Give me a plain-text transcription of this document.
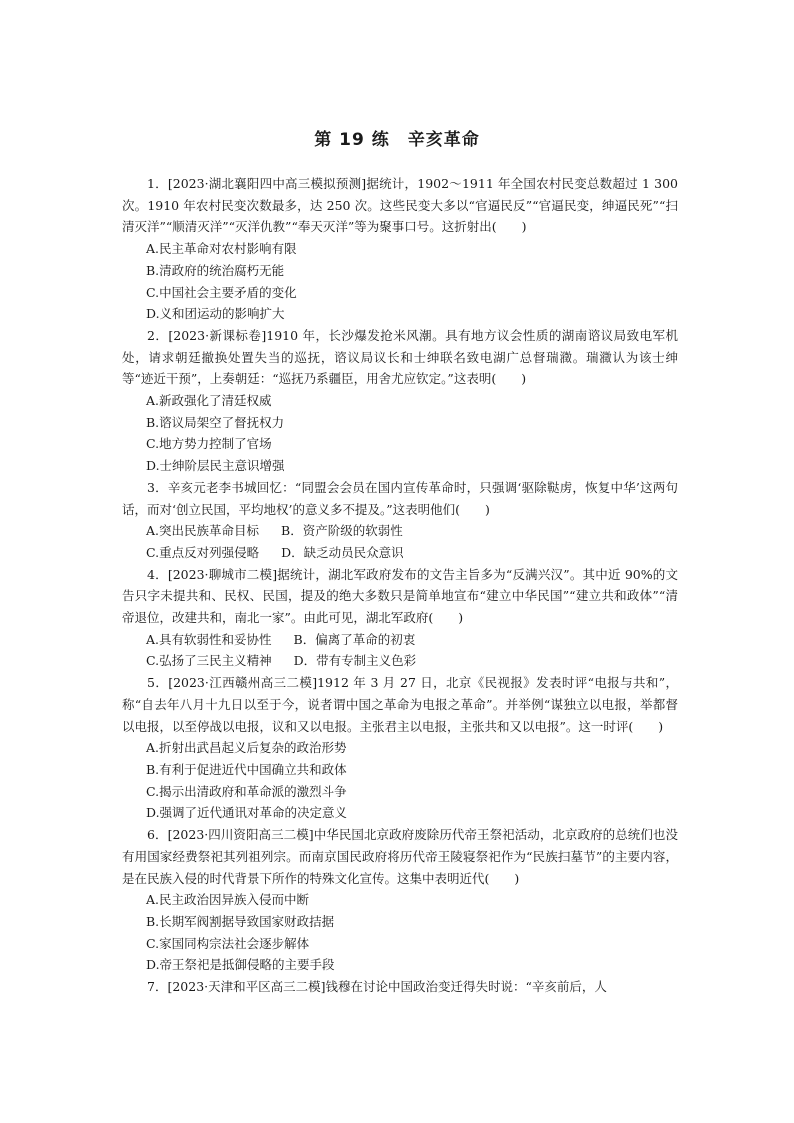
第 19 练　辛亥革命

1．[2023·湖北襄阳四中高三模拟预测]据统计，1902～1911 年全国农村民变总数超过 1 300 次。1910 年农村民变次数最多，达 250 次。这些民变大多以“官逼民反”“官逼民变，绅逼民死”“扫清灭洋”“顺清灭洋”“灭洋仇教”“奉天灭洋”等为聚事口号。这折射出(　　)

A.民主革命对农村影响有限

B.清政府的统治腐朽无能

C.中国社会主要矛盾的变化

D.义和团运动的影响扩大

2．[2023·新课标卷]1910 年，长沙爆发抢米风潮。具有地方议会性质的湖南谘议局致电军机处，请求朝廷撤换处置失当的巡抚，谘议局议长和士绅联名致电湖广总督瑞瀓。瑞瀓认为该士绅等“迹近干预”，上奏朝廷：“巡抚乃系疆臣，用舍尤应钦定。”这表明(　　)

A.新政强化了清廷权威

B.谘议局架空了督抚权力

C.地方势力控制了官场

D.士绅阶层民主意识增强

3．辛亥元老李书城回忆：“同盟会会员在国内宣传革命时，只强调‘驱除鞑虏，恢复中华’这两句话，而对‘创立民国，平均地权’的意义多不提及。”这表明他们(　　)

A.突出民族革命目标 B．资产阶级的软弱性

C.重点反对列强侵略 D．缺乏动员民众意识

4．[2023·聊城市二模]据统计，湖北军政府发布的文告主旨多为“反满兴汉”。其中近 90%的文告只字未提共和、民权、民国，提及的绝大多数只是简单地宣布“建立中华民国”“建立共和政体”“清帝退位，改建共和，南北一家”。由此可见，湖北军政府(　　)

A.具有软弱性和妥协性 B．偏离了革命的初衷

C.弘扬了三民主义精神 D．带有专制主义色彩

5．[2023·江西赣州高三二模]1912 年 3 月 27 日，北京《民视报》发表时评“电报与共和”，称“自去年八月十九日以至于今，说者谓中国之革命为电报之革命”。并举例“谋独立以电报，举都督以电报，以至停战以电报，议和又以电报。主张君主以电报，主张共和又以电报”。这一时评(　　)

A.折射出武昌起义后复杂的政治形势

B.有利于促进近代中国确立共和政体

C.揭示出清政府和革命派的激烈斗争

D.强调了近代通讯对革命的决定意义

6．[2023·四川资阳高三二模]中华民国北京政府废除历代帝王祭祀活动，北京政府的总统们也没有用国家经费祭祀其列祖列宗。而南京国民政府将历代帝王陵寝祭祀作为“民族扫墓节”的主要内容，是在民族入侵的时代背景下所作的特殊文化宣传。这集中表明近代(　　)

A.民主政治因异族入侵而中断

B.长期军阀割据导致国家财政拮据

C.家国同构宗法社会逐步解体

D.帝王祭祀是抵御侵略的主要手段

7．[2023·天津和平区高三二模]钱穆在讨论中国政治变迁得失时说：“辛亥前后，人
